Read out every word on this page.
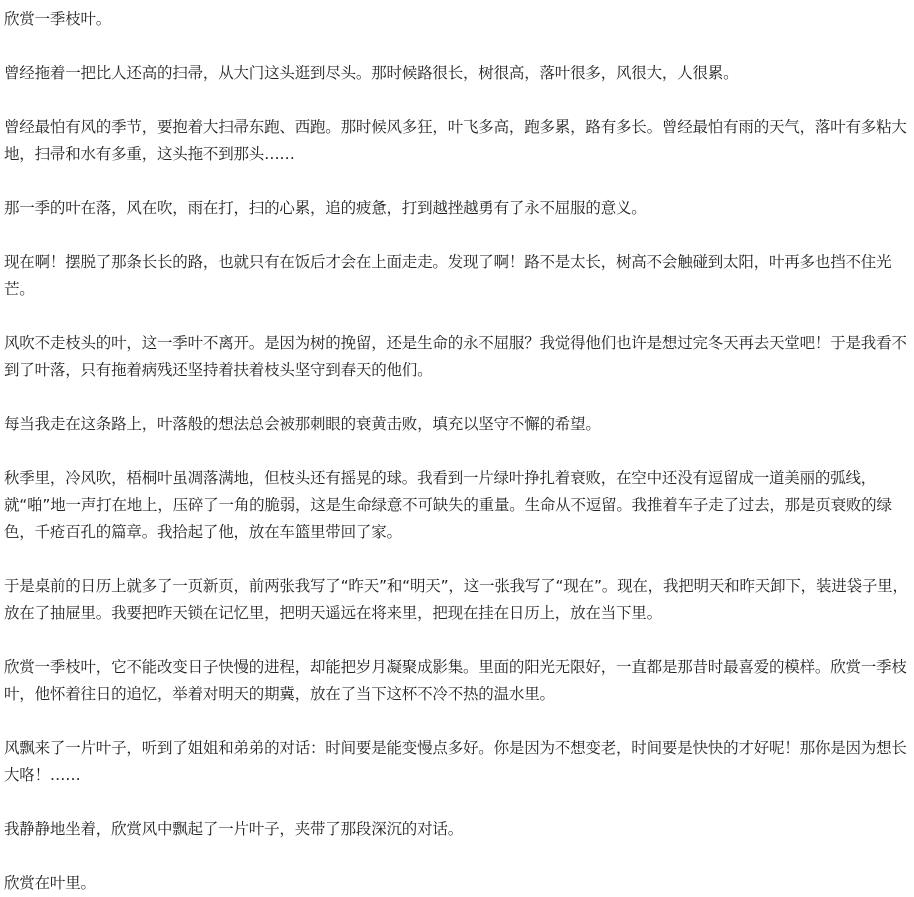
欣赏一季枝叶。

曾经拖着一把比人还高的扫帚，从大门这头逛到尽头。那时候路很长，树很高，落叶很多，风很大，人很累。

曾经最怕有风的季节，要抱着大扫帚东跑、西跑。那时候风多狂，叶飞多高，跑多累，路有多长。曾经最怕有雨的天气，落叶有多粘大地，扫帚和水有多重，这头拖不到那头……

那一季的叶在落，风在吹，雨在打，扫的心累，追的疲惫，打到越挫越勇有了永不屈服的意义。

现在啊！摆脱了那条长长的路，也就只有在饭后才会在上面走走。发现了啊！路不是太长，树高不会触碰到太阳，叶再多也挡不住光芒。

风吹不走枝头的叶，这一季叶不离开。是因为树的挽留，还是生命的永不屈服？我觉得他们也许是想过完冬天再去天堂吧！于是我看不到了叶落，只有拖着病残还坚持着扶着枝头坚守到春天的他们。

每当我走在这条路上，叶落般的想法总会被那刺眼的衰黄击败，填充以坚守不懈的希望。

秋季里，冷风吹，梧桐叶虽凋落满地，但枝头还有摇晃的球。我看到一片绿叶挣扎着衰败，在空中还没有逗留成一道美丽的弧线，就“啪”地一声打在地上，压碎了一角的脆弱，这是生命绿意不可缺失的重量。生命从不逗留。我推着车子走了过去，那是页衰败的绿色，千疮百孔的篇章。我拾起了他，放在车篮里带回了家。

于是桌前的日历上就多了一页新页，前两张我写了“昨天”和“明天”，这一张我写了“现在”。现在，我把明天和昨天卸下，装进袋子里，放在了抽屉里。我要把昨天锁在记忆里，把明天遥远在将来里，把现在挂在日历上，放在当下里。

欣赏一季枝叶，它不能改变日子快慢的进程，却能把岁月凝聚成影集。里面的阳光无限好，一直都是那昔时最喜爱的模样。欣赏一季枝叶，他怀着往日的追忆，举着对明天的期冀，放在了当下这杯不冷不热的温水里。

风飘来了一片叶子，听到了姐姐和弟弟的对话：时间要是能变慢点多好。你是因为不想变老，时间要是快快的才好呢！那你是因为想长大咯！……

我静静地坐着，欣赏风中飘起了一片叶子，夹带了那段深沉的对话。

欣赏在叶里。
